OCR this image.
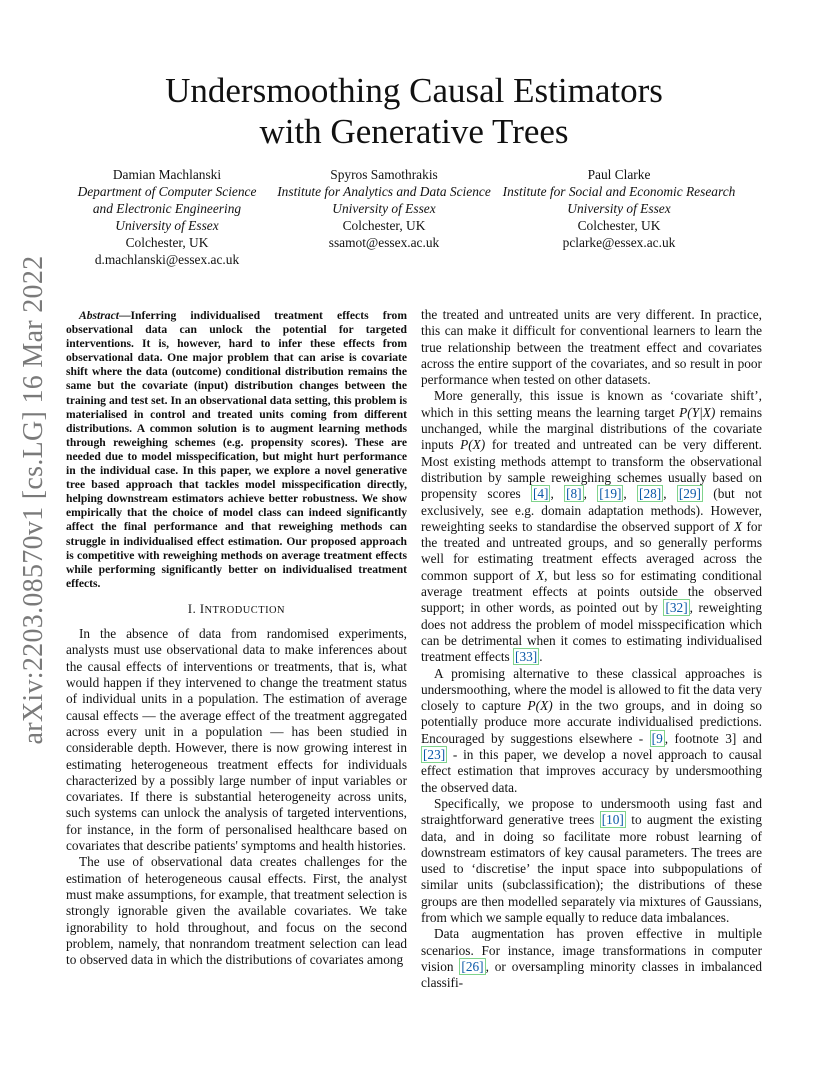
Undersmoothing Causal Estimators
with Generative Trees
Damian Machlanski
Department of Computer Science
and Electronic Engineering
University of Essex
Colchester, UK
d.machlanski@essex.ac.uk
Spyros Samothrakis
Institute for Analytics and Data Science
University of Essex
Colchester, UK
ssamot@essex.ac.uk
Paul Clarke
Institute for Social and Economic Research
University of Essex
Colchester, UK
pclarke@essex.ac.uk
arXiv:2203.08570v1 [cs.LG] 16 Mar 2022	Abstract—Inferring individualised treatment effects from observational data can unlock the potential for targeted interventions. It is, however, hard to infer these effects from observational data. One major problem that can arise is covariate shift where the data (outcome) conditional distribution remains the same but the covariate (input) distribution changes between the training and test set. In an observational data setting, this problem is materialised in control and treated units coming from different distributions. A common solution is to augment learning methods through reweighing schemes (e.g. propensity scores). These are needed due to model misspecification, but might hurt performance in the individual case. In this paper, we explore a novel generative tree based approach that tackles model misspecification directly, helping downstream estimators achieve better robustness. We show empirically that the choice of model class can indeed significantly affect the final performance and that reweighing methods can struggle in individualised effect estimation. Our proposed approach is competitive with reweighing methods on average treatment effects while performing significantly better on individualised treatment effects.

I. INTRODUCTION

In the absence of data from randomised experiments, analysts must use observational data to make inferences about the causal effects of interventions or treatments, that is, what would happen if they intervened to change the treatment status of individual units in a population. The estimation of average causal effects — the average effect of the treatment aggregated across every unit in a population — has been studied in considerable depth. However, there is now growing interest in estimating heterogeneous treatment effects for individuals characterized by a possibly large number of input variables or covariates. If there is substantial heterogeneity across units, such systems can unlock the analysis of targeted interventions, for instance, in the form of personalised healthcare based on covariates that describe patients' symptoms and health histories.

The use of observational data creates challenges for the estimation of heterogeneous causal effects. First, the analyst must make assumptions, for example, that treatment selection is strongly ignorable given the available covariates. We take ignorability to hold throughout, and focus on the second problem, namely, that nonrandom treatment selection can lead to observed data in which the distributions of covariates among

the treated and untreated units are very different. In practice, this can make it difficult for conventional learners to learn the true relationship between the treatment effect and covariates across the entire support of the covariates, and so result in poor performance when tested on other datasets.

More generally, this issue is known as ‘covariate shift’, which in this setting means the learning target P(Y|X) remains unchanged, while the marginal distributions of the covariate inputs P(X) for treated and untreated can be very different. Most existing methods attempt to transform the observational distribution by sample reweighing schemes usually based on propensity scores [4] , [8] , [19] , [28] , [29] (but not exclusively, see e.g. domain adaptation methods). However, reweighting seeks to standardise the observed support of X for the treated and untreated groups, and so generally performs well for estimating treatment effects averaged across the common support of X, but less so for estimating conditional average treatment effects at points outside the observed support; in other words, as pointed out by [32] , reweighting does not address the problem of model misspecification which can be detrimental when it comes to estimating individualised treatment effects [33] .

A promising alternative to these classical approaches is undersmoothing, where the model is allowed to fit the data very closely to capture P(X) in the two groups, and in doing so potentially produce more accurate individualised predictions. Encouraged by suggestions elsewhere - [9 , footnote 3] and [23] - in this paper, we develop a novel approach to causal effect estimation that improves accuracy by undersmoothing the observed data.

Specifically, we propose to undersmooth using fast and straightforward generative trees [10] to augment the existing data, and in doing so facilitate more robust learning of downstream estimators of key causal parameters. The trees are used to ‘discretise’ the input space into subpopulations of similar units (subclassification); the distributions of these groups are then modelled separately via mixtures of Gaussians, from which we sample equally to reduce data imbalances.

Data augmentation has proven effective in multiple scenarios. For instance, image transformations in computer vision [26] , or oversampling minority classes in imbalanced classifi-
